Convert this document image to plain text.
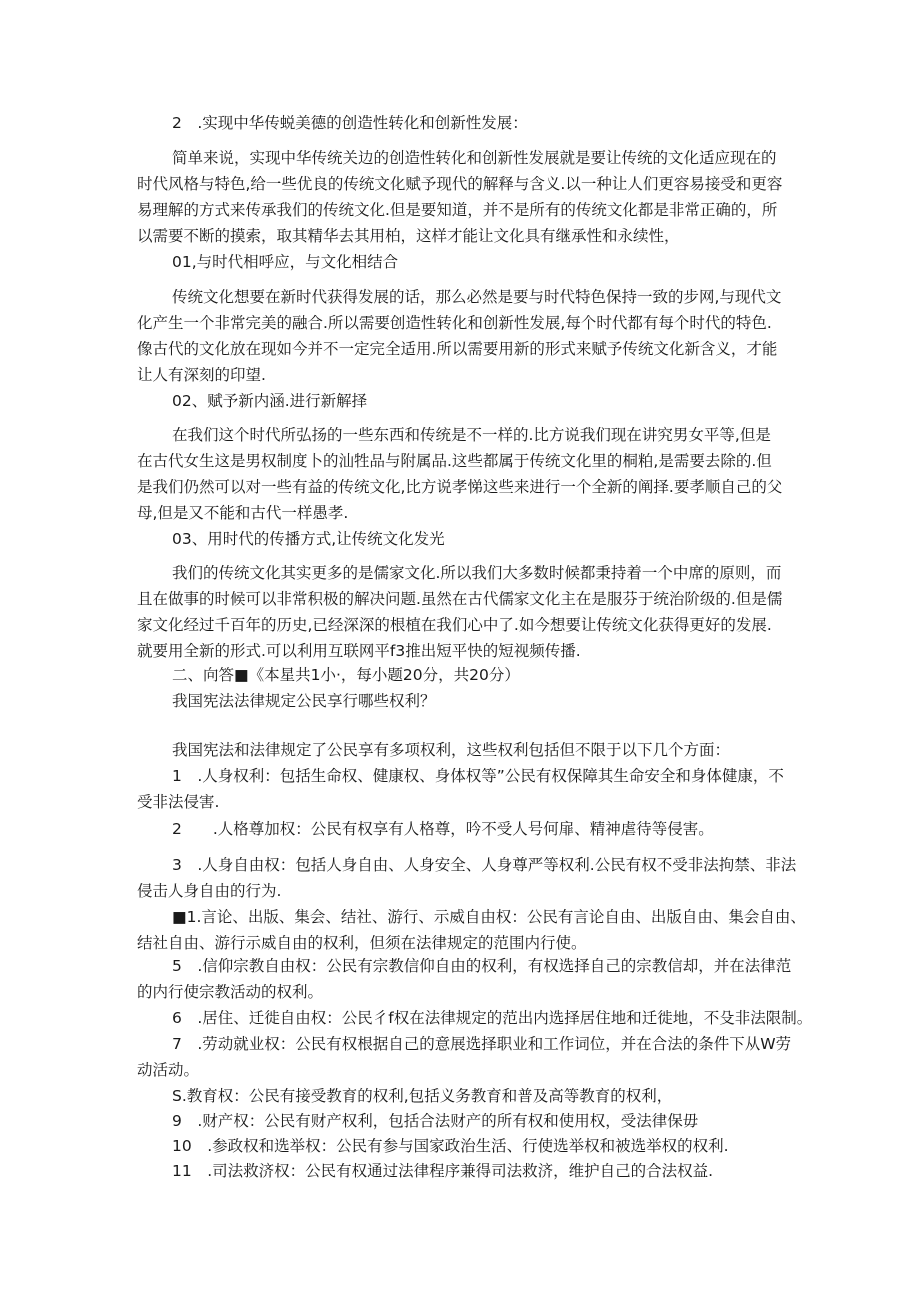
2　.实现中华传蜕美德的创造性转化和创新性发展：
简单来说，实现中华传统关边的创造性转化和创新性发展就是要让传统的文化适应现在的
时代风格与特色,给一些优良的传统文化赋予现代的解释与含义.以一种让人们更容易接受和更容
易理解的方式来传承我们的传统文化.但是要知道，并不是所有的传统文化都是非常正确的，所
以需要不断的摸索，取其精华去其用柏，这样才能让文化具有继承性和永续性，
01,与时代相呼应，与文化相结合
传统文化想要在新时代获得发展的话，那么必然是要与时代特色保持一致的步网,与现代文
化产生一个非常完美的融合.所以需要创造性转化和创新性发展,每个时代都有每个时代的特色.
像古代的文化放在现如今并不一定完全适用.所以需要用新的形式来赋予传统文化新含义，才能
让人有深刻的印望.
02、赋予新内涵.进行新解择
在我们这个时代所弘扬的一些东西和传统是不一样的.比方说我们现在讲究男女平等,但是
在古代女生这是男权制度卜的汕牲品与附属品.这些都属于传统文化里的桐粕,是需要去除的.但
是我们仍然可以对一些有益的传统文化,比方说孝悌这些来进行一个全新的阐择.要孝顺自己的父
母,但是又不能和古代一样愚孝.
03、用时代的传播方式,让传统文化发光
我们的传统文化其实更多的是儒家文化.所以我们大多数时候都秉持着一个中席的原则，而
且在做事的时候可以非常积极的解决问题.虽然在古代儒家文化主在是服芬于统治阶级的.但是儒
家文化经过千百年的历史,已经深深的根植在我们心中了.如今想要让传统文化获得更好的发展.
就要用全新的形式.可以利用互联网平f3推出短平快的短视频传播.
二、向答■《本星共1小·，每小题20分，共20分）
我国宪法法律规定公民享行哪些权利？
我国宪法和法律规定了公民享有多项权利，这些权利包括但不限于以下几个方面：
1　.人身权利：包括生命权、健康权、身体权等”公民有权保障其生命安全和身体健康，不
受非法侵害.
2　　.人格尊加权：公民有权享有人格尊，吟不受人号何扉、精神虐待等侵害。
3　.人身自由权：包括人身自由、人身安全、人身尊严等权利.公民有权不受非法拘禁、非法
侵击人身自由的行为.
■1.言论、出版、集会、结社、游行、示威自由权：公民有言论自由、出版自由、集会自由、
结社自由、游行示威自由的权利，但须在法律规定的范围内行使。
5　.信仰宗教自由权：公民有宗教信仰自由的权利，有权选择自己的宗教信却，并在法律范
的内行使宗教活动的权利。
6　.居住、迁徙自由权：公民彳f权在法律规定的范出内选择居住地和迁徙地，不殳非法限制。
7　.劳动就业权：公民有权根据自己的意展选择职业和工作词位，并在合法的条件下从W劳
动活动。
S.教育权：公民有接受教育的权利,包括义务教育和普及高等教育的权利，
9　.财产权：公民有财产权利，包括合法财产的所有权和使用权，受法律保毋
10　.参政权和选举权：公民有参与国家政治生活、行使选举权和被选举权的权利.
11　.司法救济权：公民有权通过法律程序兼得司法救济，维护自己的合法权益.
